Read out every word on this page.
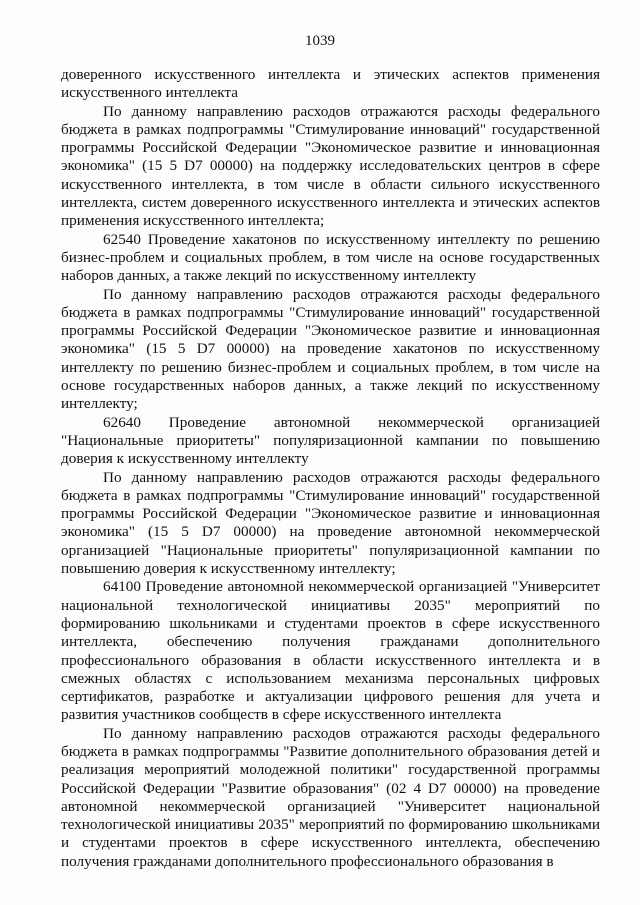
1039

доверенного искусственного интеллекта и этических аспектов применения искусственного интеллекта

По данному направлению расходов отражаются расходы федерального бюджета в рамках подпрограммы "Стимулирование инноваций" государственной программы Российской Федерации "Экономическое развитие и инновационная экономика" (15 5 D7 00000) на поддержку исследовательских центров в сфере искусственного интеллекта, в том числе в области сильного искусственного интеллекта, систем доверенного искусственного интеллекта и этических аспектов применения искусственного интеллекта;

62540 Проведение хакатонов по искусственному интеллекту по решению бизнес-проблем и социальных проблем, в том числе на основе государственных наборов данных, а также лекций по искусственному интеллекту

По данному направлению расходов отражаются расходы федерального бюджета в рамках подпрограммы "Стимулирование инноваций" государственной программы Российской Федерации "Экономическое развитие и инновационная экономика" (15 5 D7 00000) на проведение хакатонов по искусственному интеллекту по решению бизнес-проблем и социальных проблем, в том числе на основе государственных наборов данных, а также лекций по искусственному интеллекту;

62640 Проведение автономной некоммерческой организацией "Национальные приоритеты" популяризационной кампании по повышению доверия к искусственному интеллекту

По данному направлению расходов отражаются расходы федерального бюджета в рамках подпрограммы "Стимулирование инноваций" государственной программы Российской Федерации "Экономическое развитие и инновационная экономика" (15 5 D7 00000) на проведение автономной некоммерческой организацией "Национальные приоритеты" популяризационной кампании по повышению доверия к искусственному интеллекту;

64100 Проведение автономной некоммерческой организацией "Университет национальной технологической инициативы 2035" мероприятий по формированию школьниками и студентами проектов в сфере искусственного интеллекта, обеспечению получения гражданами дополнительного профессионального образования в области искусственного интеллекта и в смежных областях с использованием механизма персональных цифровых сертификатов, разработке и актуализации цифрового решения для учета и развития участников сообществ в сфере искусственного интеллекта

По данному направлению расходов отражаются расходы федерального бюджета в рамках подпрограммы "Развитие дополнительного образования детей и реализация мероприятий молодежной политики" государственной программы Российской Федерации "Развитие образования" (02 4 D7 00000) на проведение автономной некоммерческой организацией "Университет национальной технологической инициативы 2035" мероприятий по формированию школьниками и студентами проектов в сфере искусственного интеллекта, обеспечению получения гражданами дополнительного профессионального образования в
